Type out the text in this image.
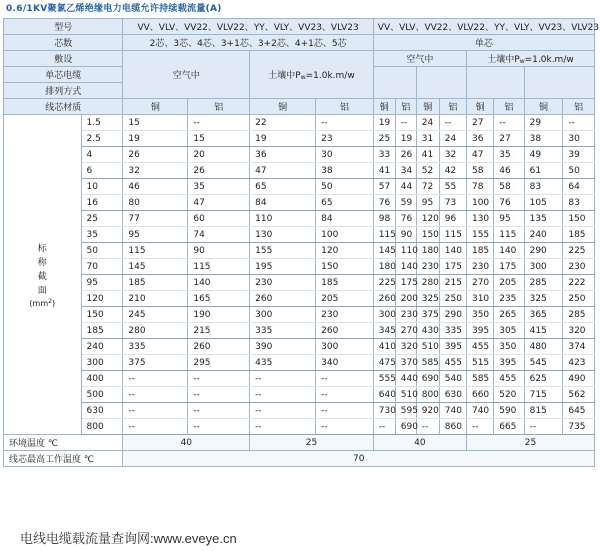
0.6/1KV聚氯乙烯绝缘电力电缆允许持续载流量(A)
型号		VV、VLV、VV22、VLV22、YY、VLY、VV23、VLV23				VV、VLV、VV22、VLV22、YY、VLY、VV23、VLV23							
芯数		2芯、3芯、4芯、3+1芯、3+2芯、4+1芯、5芯				单芯							
敷设		空气中		土壤中Pw=1.0k.m/w		空气中				土壤中Pw=1.0k.m/w			
单芯电缆													
排列方式													
线芯材质		铜	铝	铜	铝	铜	铝	铜	铝	铜	铝	铜	铝
标
称
截
面

$(mm^2)$	1.5	15	--	22	--	19	--	24	--	27	--	29	--
	2.5	19	15	19	23	25	19	31	24	36	27	38	30
	4	26	20	36	30	33	26	41	32	47	35	49	39
	6	32	26	47	38	41	34	52	42	58	46	61	50
	10	46	35	65	50	57	44	72	55	78	58	83	64
	16	80	47	84	65	76	59	95	73	100	76	105	83
	25	77	60	110	84	98	76	120	96	130	95	135	150
	35	95	74	130	100	115	90	150	115	155	115	240	185
	50	115	90	155	120	145	110	180	140	185	140	290	225
	70	145	115	195	150	180	140	230	175	230	175	300	230
	95	185	140	230	185	225	175	280	215	270	205	285	222
	120	210	165	260	205	260	200	325	250	310	235	325	250
	150	245	190	300	230	300	230	375	290	350	265	365	285
	185	280	215	335	260	345	270	430	335	395	305	415	320
	240	335	260	390	300	410	320	510	395	455	350	480	374
	300	375	295	435	340	475	370	585	455	515	395	545	423
	400	--	--	--	--	555	440	690	540	585	455	625	490
	500	--	--	--	--	640	510	800	630	660	520	715	562
	630	--	--	--	--	730	595	920	740	740	590	815	645
	800	--	--	--	--	--	690	--	860	--	665	--	735
环境温度 ℃		40		25		40				25			
线芯最高工作温度 ℃		70											
电线电缆载流量查询网:www.eveye.cn
